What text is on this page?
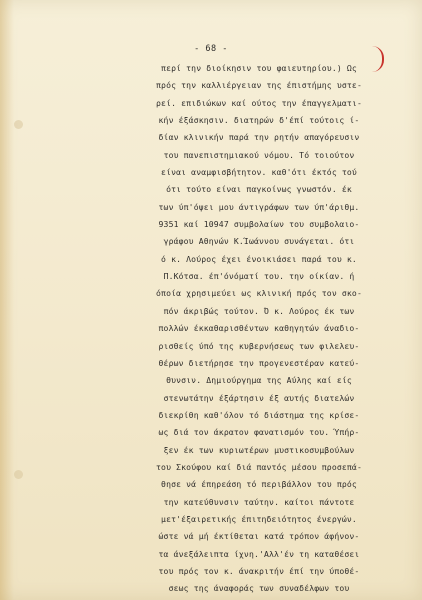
- 68 -
περί την διοίκησιν του φαιευτηρίου.) Ως
πρός την καλλιέργειαν της έπιστήμης υστε-
ρεί. επιδιώκων καί ούτος την έπαγγελματι-
κήν έξάσκησιν. διατηρών δ'έπί τούτοις ί-
δίαν κλινικήν παρά την ρητήν απαγόρευσιν
του πανεπιστημιακού νόμου. Τό τοιούτον
είναι αναμφισβήτητον. καθ'ότι έκτός τού
ότι τούτο είναι παγκοίνως γνωστόν. έκ
των ύπ'όψει μου άντιγράφων των ύπ'άριθμ.
9351 καί 10947 συμβολαίων του συμβολαιο-
γράφου Αθηνών Κ.Ίωάννου συνάγεται. ότι
ό κ. Λούρος έχει ένοικιάσει παρά του κ.
Π.Κότσα. έπ'όνόματί του. την οίκίαν. ή
όποία χρησιμεύει ως κλινική πρός τον σκο-
πόν άκριβώς τούτον. Ό κ. Λούρος έκ των
πολλών έκκαθαρισθέντων καθηγητών άναδιο-
ρισθείς ύπό της κυβερνήσεως των φιλελευ-
θέρων διετήρησε την προγενεστέραν κατεύ-
θυνσιν. Δημιούργημα της Αύλης καί είς
στενωτάτην έξάρτησιν έξ αυτής διατελών
διεκρίθη καθ'όλον τό διάστημα της κρίσε-
ως διά τον άκρατον φανατισμόν του. Ύπήρ-
ξεν έκ των κυριωτέρων μυστικοσυμβούλων
του Σκούφου καί διά παντός μέσου προσεπά-
θησε νά έπηρεάση τό περιβάλλον του πρός
την κατεύθυνσιν ταύτην. καίτοι πάντοτε
μετ'έξαιρετικής έπιτηδειότητος ένεργών.
ώστε νά μή έκτίθεται κατά τρόπον άφήνον-
τα άνεξάλειπτα ίχνη.'Αλλ'έν τη καταθέσει
του πρός τον κ. άνακριτήν έπί την ύποθέ-
σεως της άναφοράς των συναδέλφων του
